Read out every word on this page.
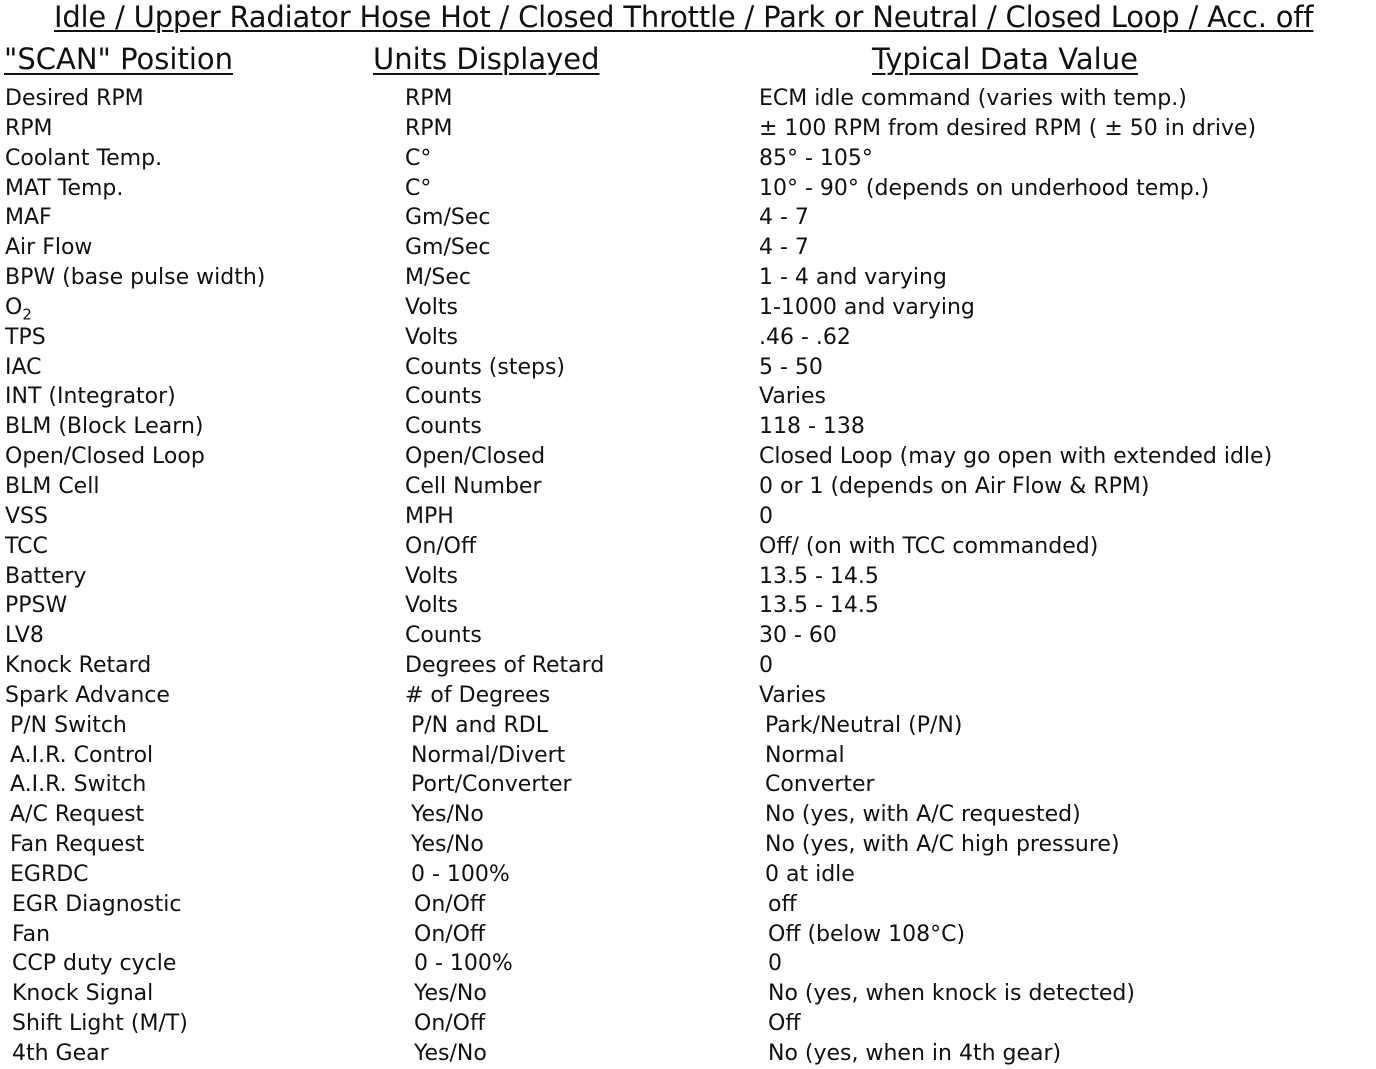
Idle / Upper Radiator Hose Hot / Closed Throttle / Park or Neutral / Closed Loop / Acc. off
"SCAN" Position	Units Displayed	Typical Data Value
Desired RPM	RPM	ECM idle command (varies with temp.)
RPM	RPM	± 100 RPM from desired RPM ( ± 50 in drive)
Coolant Temp.	C°	85° - 105°
MAT Temp.	C°	10° - 90° (depends on underhood temp.)
MAF	Gm/Sec	4 - 7
Air Flow	Gm/Sec	4 - 7
BPW (base pulse width)	M/Sec	1 - 4 and varying
$O_2$	Volts	1-1000 and varying
TPS	Volts	.46 - .62
IAC	Counts (steps)	5 - 50
INT (Integrator)	Counts	Varies
BLM (Block Learn)	Counts	118 - 138
Open/Closed Loop	Open/Closed	Closed Loop (may go open with extended idle)
BLM Cell	Cell Number	0 or 1 (depends on Air Flow & RPM)
VSS	MPH	0
TCC	On/Off	Off/ (on with TCC commanded)
Battery	Volts	13.5 - 14.5
PPSW	Volts	13.5 - 14.5
LV8	Counts	30 - 60
Knock Retard	Degrees of Retard	0
Spark Advance	# of Degrees	Varies
P/N Switch	P/N and RDL	Park/Neutral (P/N)
A.I.R. Control	Normal/Divert	Normal
A.I.R. Switch	Port/Converter	Converter
A/C Request	Yes/No	No (yes, with A/C requested)
Fan Request	Yes/No	No (yes, with A/C high pressure)
EGRDC	0 - 100%	0 at idle
EGR Diagnostic	On/Off	off
Fan	On/Off	Off (below 108°C)
CCP duty cycle	0 - 100%	0
Knock Signal	Yes/No	No (yes, when knock is detected)
Shift Light (M/T)	On/Off	Off
4th Gear	Yes/No	No (yes, when in 4th gear)
